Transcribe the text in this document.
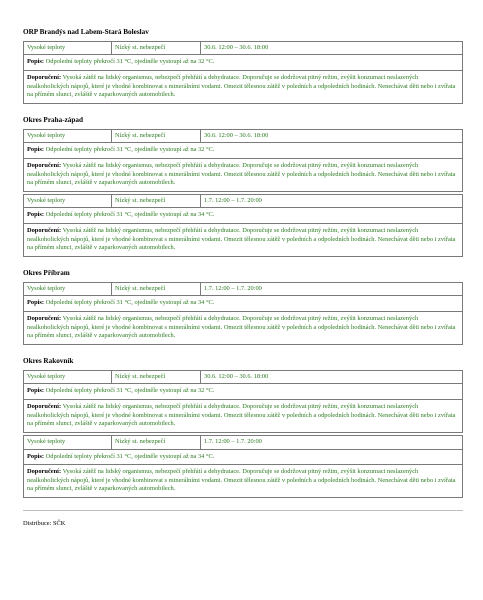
ORP Brandýs nad Labem-Stará Boleslav
Vysoké teploty	Nízký st. nebezpečí	30.6. 12:00 – 30.6. 18:00
Popis: Odpolední teploty překročí 31 °C, ojediněle vystoupí až na 32 °C.
Doporučení: Vysoká zátěž na lidský organismus, nebezpečí přehřátí a dehydratace. Doporučuje se dodržovat pitný režim, zvýšit konzumaci neslazených nealkoholických nápojů, které je vhodné kombinovat s minerálními vodami. Omezit tělesnou zátěž v poledních a odpoledních hodinách. Nenechávat děti nebo i zvířata na přímém slunci, zvláště v zaparkovaných automobilech.
Okres Praha-západ
Vysoké teploty	Nízký st. nebezpečí	30.6. 12:00 – 30.6. 18:00
Popis: Odpolední teploty překročí 31 °C, ojediněle vystoupí až na 32 °C.
Doporučení: Vysoká zátěž na lidský organismus, nebezpečí přehřátí a dehydratace. Doporučuje se dodržovat pitný režim, zvýšit konzumaci neslazených nealkoholických nápojů, které je vhodné kombinovat s minerálními vodami. Omezit tělesnou zátěž v poledních a odpoledních hodinách. Nenechávat děti nebo i zvířata na přímém slunci, zvláště v zaparkovaných automobilech.
Vysoké teploty	Nízký st. nebezpečí	1.7. 12:00 – 1.7. 20:00
Popis: Odpolední teploty překročí 31 °C, ojediněle vystoupí až na 34 °C.
Doporučení: Vysoká zátěž na lidský organismus, nebezpečí přehřátí a dehydratace. Doporučuje se dodržovat pitný režim, zvýšit konzumaci neslazených nealkoholických nápojů, které je vhodné kombinovat s minerálními vodami. Omezit tělesnou zátěž v poledních a odpoledních hodinách. Nenechávat děti nebo i zvířata na přímém slunci, zvláště v zaparkovaných automobilech.
Okres Příbram
Vysoké teploty	Nízký st. nebezpečí	1.7. 12:00 – 1.7. 20:00
Popis: Odpolední teploty překročí 31 °C, ojediněle vystoupí až na 34 °C.
Doporučení: Vysoká zátěž na lidský organismus, nebezpečí přehřátí a dehydratace. Doporučuje se dodržovat pitný režim, zvýšit konzumaci neslazených nealkoholických nápojů, které je vhodné kombinovat s minerálními vodami. Omezit tělesnou zátěž v poledních a odpoledních hodinách. Nenechávat děti nebo i zvířata na přímém slunci, zvláště v zaparkovaných automobilech.
Okres Rakovník
Vysoké teploty	Nízký st. nebezpečí	30.6. 12:00 – 30.6. 18:00
Popis: Odpolední teploty překročí 31 °C, ojediněle vystoupí až na 32 °C.
Doporučení: Vysoká zátěž na lidský organismus, nebezpečí přehřátí a dehydratace. Doporučuje se dodržovat pitný režim, zvýšit konzumaci neslazených nealkoholických nápojů, které je vhodné kombinovat s minerálními vodami. Omezit tělesnou zátěž v poledních a odpoledních hodinách. Nenechávat děti nebo i zvířata na přímém slunci, zvláště v zaparkovaných automobilech.
Vysoké teploty	Nízký st. nebezpečí	1.7. 12:00 – 1.7. 20:00
Popis: Odpolední teploty překročí 31 °C, ojediněle vystoupí až na 34 °C.
Doporučení: Vysoká zátěž na lidský organismus, nebezpečí přehřátí a dehydratace. Doporučuje se dodržovat pitný režim, zvýšit konzumaci neslazených nealkoholických nápojů, které je vhodné kombinovat s minerálními vodami. Omezit tělesnou zátěž v poledních a odpoledních hodinách. Nenechávat děti nebo i zvířata na přímém slunci, zvláště v zaparkovaných automobilech.
Distribuce: SČK
